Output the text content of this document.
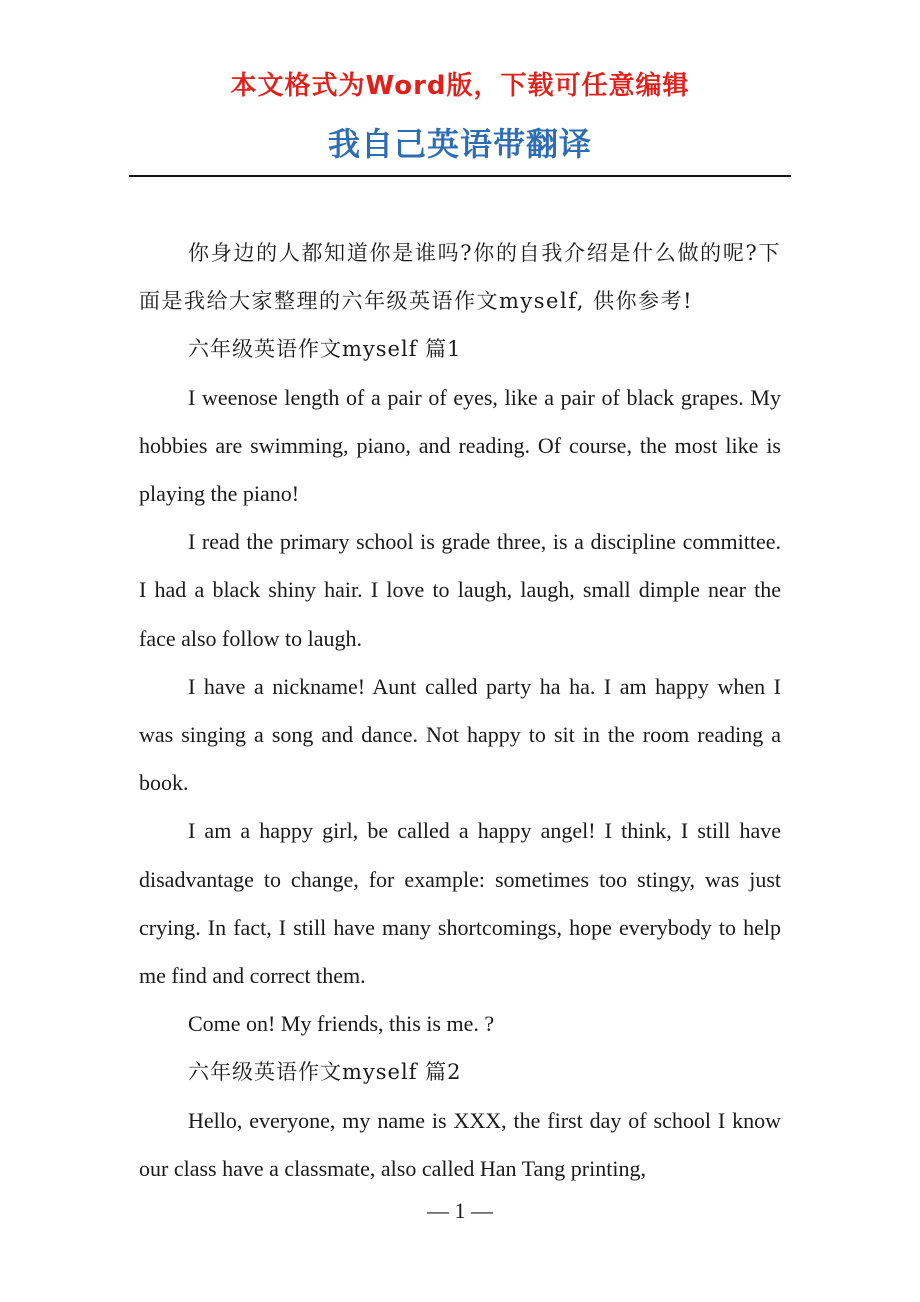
本文格式为Word版，下载可任意编辑
我自己英语带翻译

你身边的人都知道你是谁吗?你的自我介绍是什么做的呢?下面是我给大家整理的六年级英语作文myself, 供你参考!

六年级英语作文myself 篇1

I weenose length of a pair of eyes, like a pair of black grapes. My hobbies are swimming, piano, and reading. Of course, the most like is playing the piano!

I read the primary school is grade three, is a discipline committee. I had a black shiny hair. I love to laugh, laugh, small dimple near the face also follow to laugh.

I have a nickname! Aunt called party ha ha. I am happy when I was singing a song and dance. Not happy to sit in the room reading a book.

I am a happy girl, be called a happy angel! I think, I still have disadvantage to change, for example: sometimes too stingy, was just crying. In fact, I still have many shortcomings, hope everybody to help me find and correct them.

Come on! My friends, this is me. ?

六年级英语作文myself 篇2

Hello, everyone, my name is XXX, the first day of school I know our class have a classmate, also called Han Tang printing,

— 1 —
